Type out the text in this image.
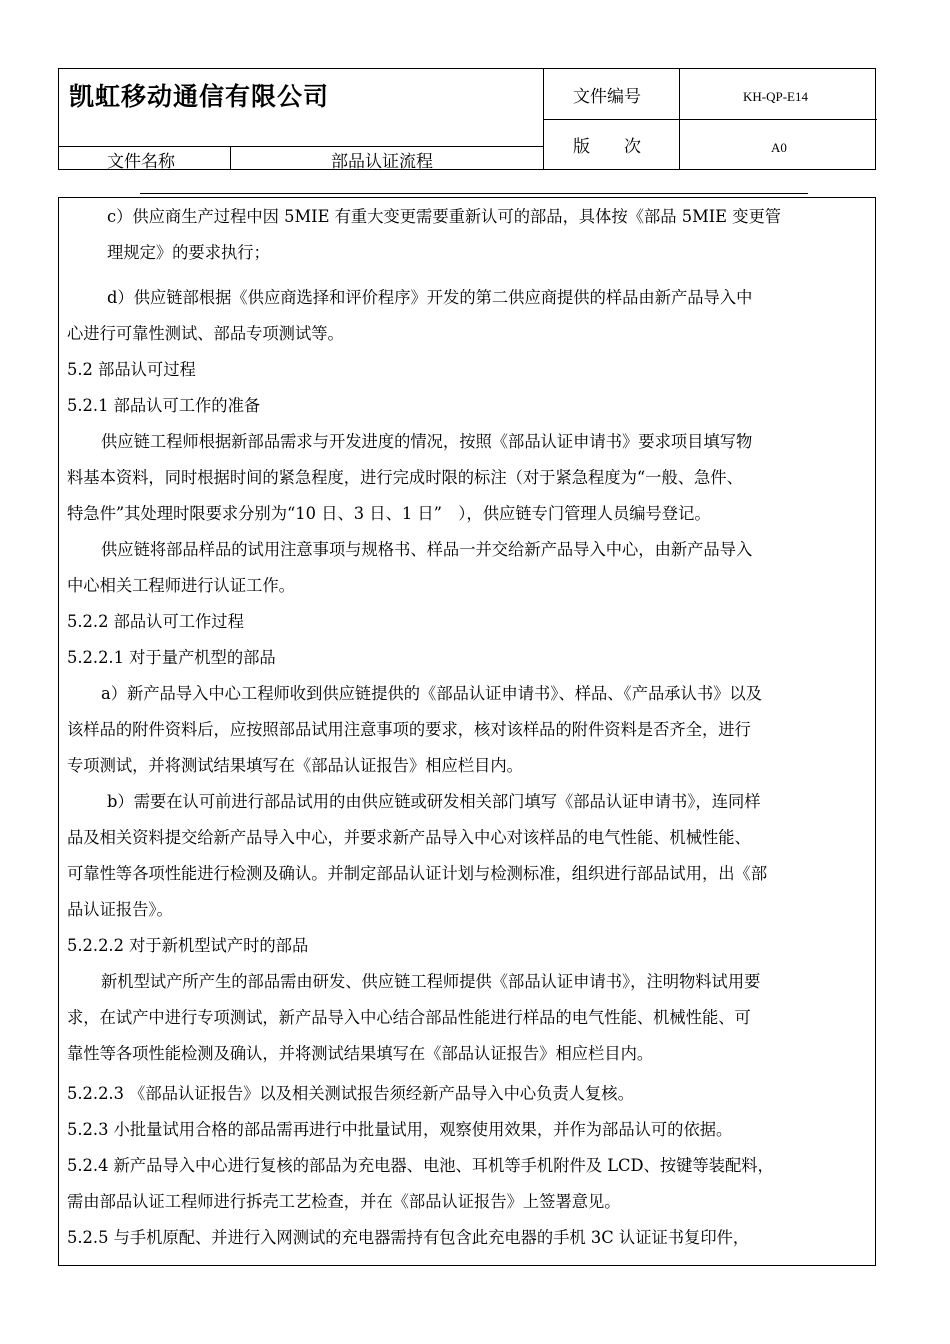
凯虹移动通信有限公司	文件编号	KH-QP-E14
版　　次	A0
文件名称	部品认证流程
c）供应商生产过程中因 5MIE 有重大变更需要重新认可的部品，具体按《部品 5MIE 变更管
理规定》的要求执行；
d）供应链部根据《供应商选择和评价程序》开发的第二供应商提供的样品由新产品导入中
心进行可靠性测试、部品专项测试等。
5.2 部品认可过程
5.2.1 部品认可工作的准备
供应链工程师根据新部品需求与开发进度的情况，按照《部品认证申请书》要求项目填写物
料基本资料，同时根据时间的紧急程度，进行完成时限的标注（对于紧急程度为“一般、急件、
特急件”其处理时限要求分别为“10 日、3 日、1 日”　），供应链专门管理人员编号登记。
供应链将部品样品的试用注意事项与规格书、样品一并交给新产品导入中心，由新产品导入
中心相关工程师进行认证工作。
5.2.2 部品认可工作过程
5.2.2.1 对于量产机型的部品
a）新产品导入中心工程师收到供应链提供的《部品认证申请书》、样品、《产品承认书》以及
该样品的附件资料后，应按照部品试用注意事项的要求，核对该样品的附件资料是否齐全，进行
专项测试，并将测试结果填写在《部品认证报告》相应栏目内。
b）需要在认可前进行部品试用的由供应链或研发相关部门填写《部品认证申请书》，连同样
品及相关资料提交给新产品导入中心，并要求新产品导入中心对该样品的电气性能、机械性能、
可靠性等各项性能进行检测及确认。并制定部品认证计划与检测标准，组织进行部品试用，出《部
品认证报告》。
5.2.2.2 对于新机型试产时的部品
新机型试产所产生的部品需由研发、供应链工程师提供《部品认证申请书》，注明物料试用要
求，在试产中进行专项测试，新产品导入中心结合部品性能进行样品的电气性能、机械性能、可
靠性等各项性能检测及确认，并将测试结果填写在《部品认证报告》相应栏目内。
5.2.2.3 《部品认证报告》以及相关测试报告须经新产品导入中心负责人复核。
5.2.3 小批量试用合格的部品需再进行中批量试用，观察使用效果，并作为部品认可的依据。
5.2.4 新产品导入中心进行复核的部品为充电器、电池、耳机等手机附件及 LCD、按键等装配料，
需由部品认证工程师进行拆壳工艺检查，并在《部品认证报告》上签署意见。
5.2.5 与手机原配、并进行入网测试的充电器需持有包含此充电器的手机 3C 认证证书复印件，
